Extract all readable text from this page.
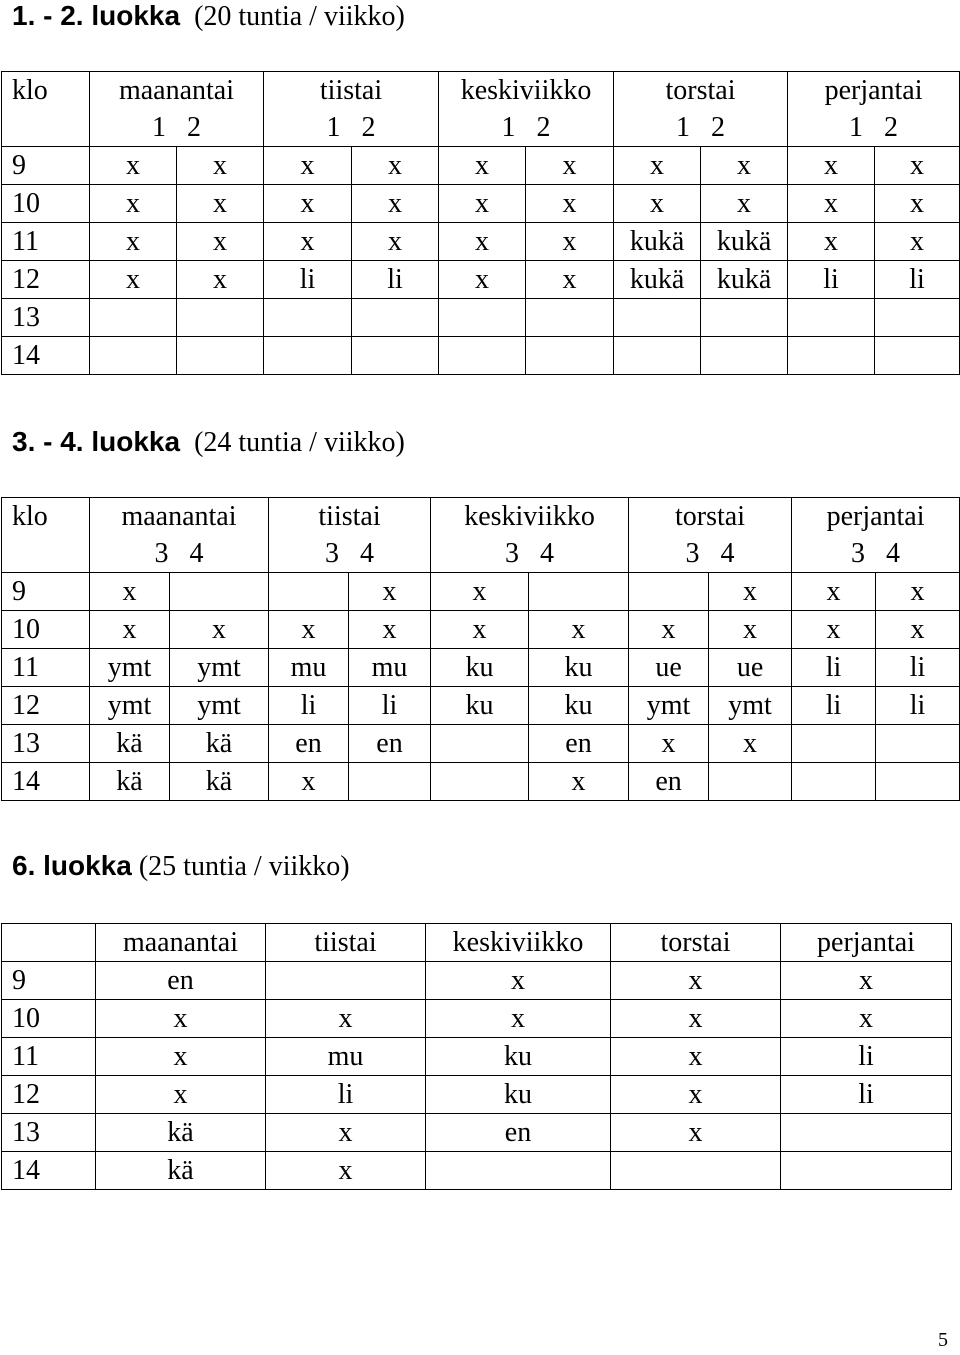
1. - 2. luokka (20 tuntia / viikko)
klo	maanantai		tiistai		keskiviikko		torstai		perjantai	
	1   2		1   2		1   2		1   2		1   2	
9	x	x	x	x	x	x	x	x	x	x
10	x	x	x	x	x	x	x	x	x	x
11	x	x	x	x	x	x	kukä	kukä	x	x
12	x	x	li	li	x	x	kukä	kukä	li	li
13										
14										
3. - 4. luokka (24 tuntia / viikko)
klo	maanantai		tiistai		keskiviikko		torstai		perjantai	
	3   4		3   4		3   4		3   4		3   4	
9	x			x	x			x	x	x
10	x	x	x	x	x	x	x	x	x	x
11	ymt	ymt	mu	mu	ku	ku	ue	ue	li	li
12	ymt	ymt	li	li	ku	ku	ymt	ymt	li	li
13	kä	kä	en	en		en	x	x		
14	kä	kä	x			x	en			
6. luokka (25 tuntia / viikko)
	maanantai	tiistai	keskiviikko	torstai	perjantai
9	en		x	x	x
10	x	x	x	x	x
11	x	mu	ku	x	li
12	x	li	ku	x	li
13	kä	x	en	x	
14	kä	x			
5
